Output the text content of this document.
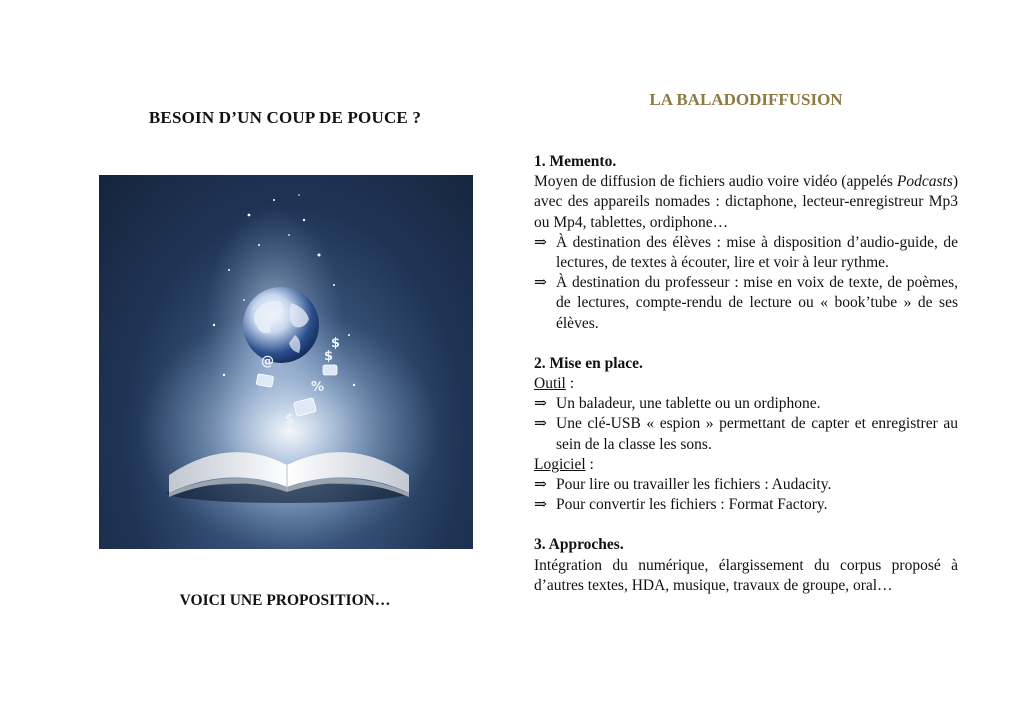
BESOIN D’UN COUP DE POUCE ?
$
%
$
$
@
VOICI UNE PROPOSITION…
LA BALADODIFFUSION

1. Memento.

Moyen de diffusion de fichiers audio voire vidéo (appelés Podcasts) avec des appareils nomades : dictaphone, lecteur-enregistreur Mp3 ou Mp4, tablettes, ordiphone…

⇒ À destination des élèves : mise à disposition d’audio-guide, de lectures, de textes à écouter, lire et voir à leur rythme.
⇒ À destination du professeur : mise en voix de texte, de poèmes, de lectures, compte-rendu de lecture ou « book’tube » de ses élèves.

2. Mise en place.

Outil :

⇒ Un baladeur, une tablette ou un ordiphone.
⇒ Une clé-USB « espion » permettant de capter et enregistrer au sein de la classe les sons.

Logiciel :

⇒ Pour lire ou travailler les fichiers : Audacity.
⇒ Pour convertir les fichiers : Format Factory.

3. Approches.

Intégration du numérique, élargissement du corpus proposé à d’autres textes, HDA, musique, travaux de groupe, oral…
